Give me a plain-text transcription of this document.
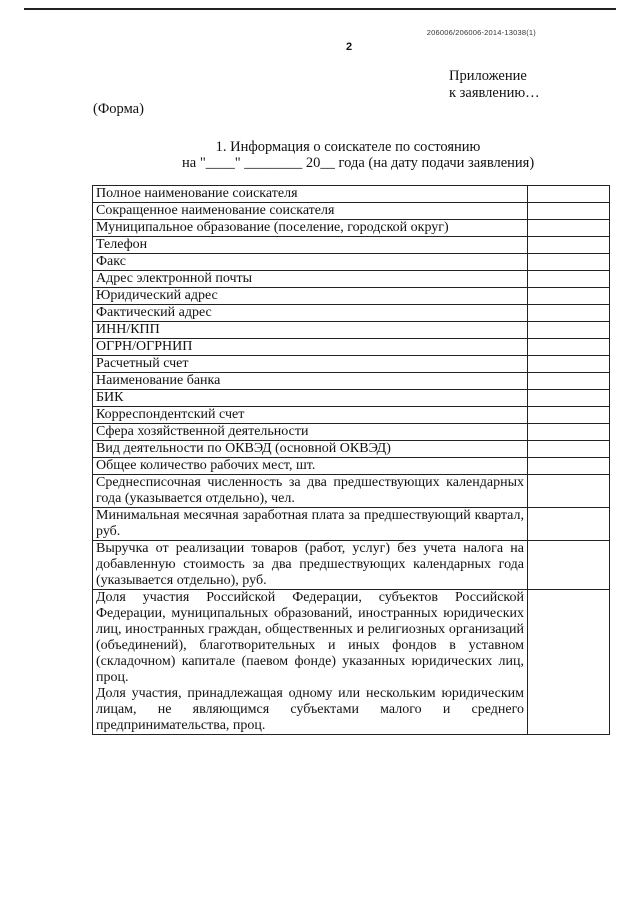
206006/206006-2014-13038(1)
2
Приложение
к заявлению…
(Форма)
1. Информация о соискателе по состоянию
на "____" ________ 20__ года (на дату подачи заявления)
Полное наименование соискателя	
Сокращенное наименование соискателя	
Муниципальное образование (поселение, городской округ)	
Телефон	
Факс	
Адрес электронной почты	
Юридический адрес	
Фактический адрес	
ИНН/КПП	
ОГРН/ОГРНИП	
Расчетный счет	
Наименование банка	
БИК	
Корреспондентский счет	
Сфера хозяйственной деятельности	
Вид деятельности по ОКВЭД (основной ОКВЭД)	
Общее количество рабочих мест, шт.	
Среднесписочная численность за два предшествующих календарных года (указывается отдельно), чел.	
Минимальная месячная заработная плата за предшествующий квартал, руб.	
Выручка от реализации товаров (работ, услуг) без учета налога на добавленную стоимость за два предшествующих календарных года (указывается отдельно), руб.	
Доля участия Российской Федерации, субъектов Российской Федерации, муниципальных образований, иностранных юридических лиц, иностранных граждан, общественных и религиозных организаций (объединений), благотворительных и иных фондов в уставном (складочном) капитале (паевом фонде) указанных юридических лиц, проц.	
Доля участия, принадлежащая одному или нескольким юридическим лицам, не являющимся субъектами малого и среднего предпринимательства, проц.	
